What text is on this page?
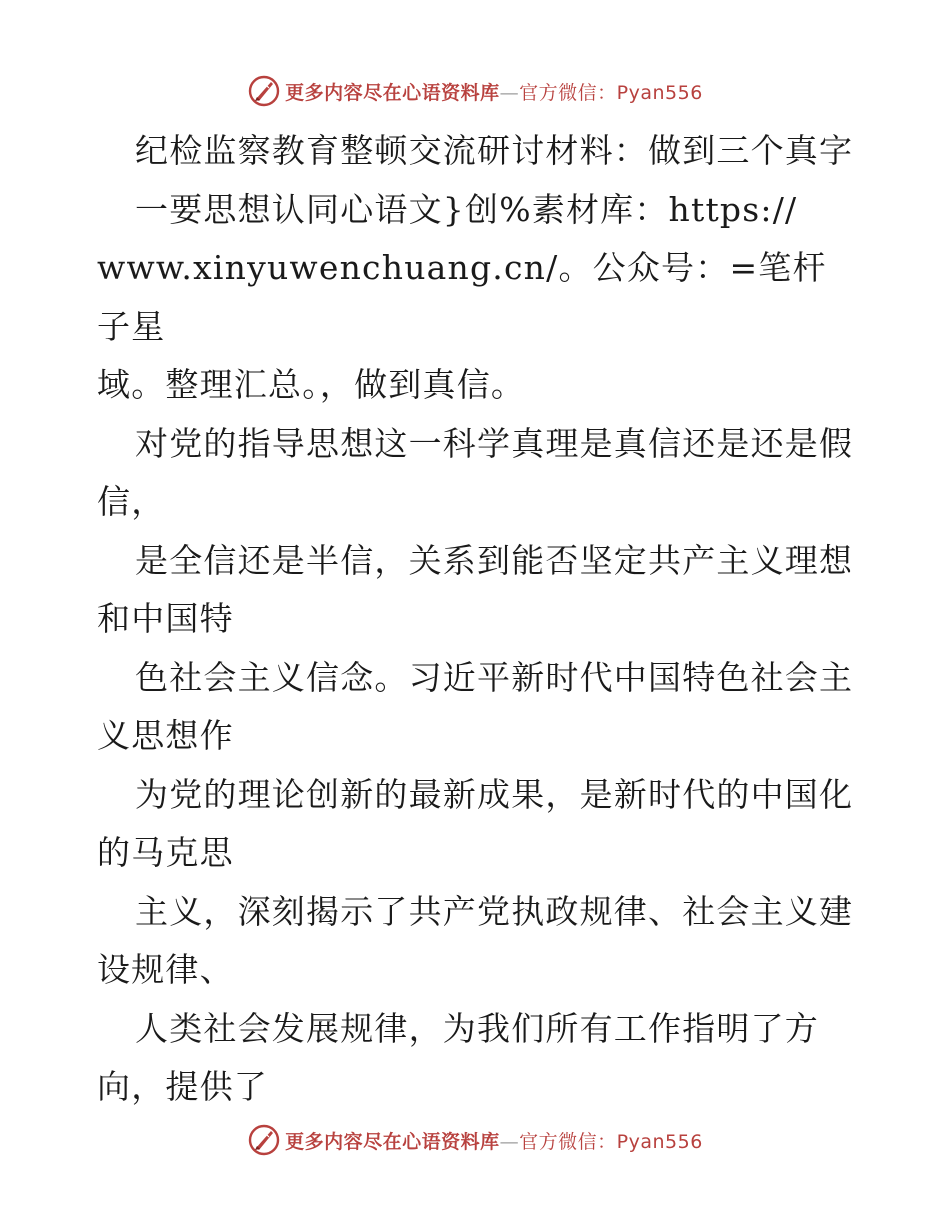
更多内容尽在心语资料库—官方微信：Pyan556

纪检监察教育整顿交流研讨材料：做到三个真字

一要思想认同心语文}创%素材库：https://

www.xinyuwenchuang.cn/。公众号：=笔杆子星

域。整理汇总。，做到真信。

对党的指导思想这一科学真理是真信还是还是假

信，

是全信还是半信，关系到能否坚定共产主义理想

和中国特

色社会主义信念。习近平新时代中国特色社会主

义思想作

为党的理论创新的最新成果，是新时代的中国化

的马克思

主义，深刻揭示了共产党执政规律、社会主义建

设规律、

人类社会发展规律，为我们所有工作指明了方

向，提供了

更多内容尽在心语资料库—官方微信：Pyan556
